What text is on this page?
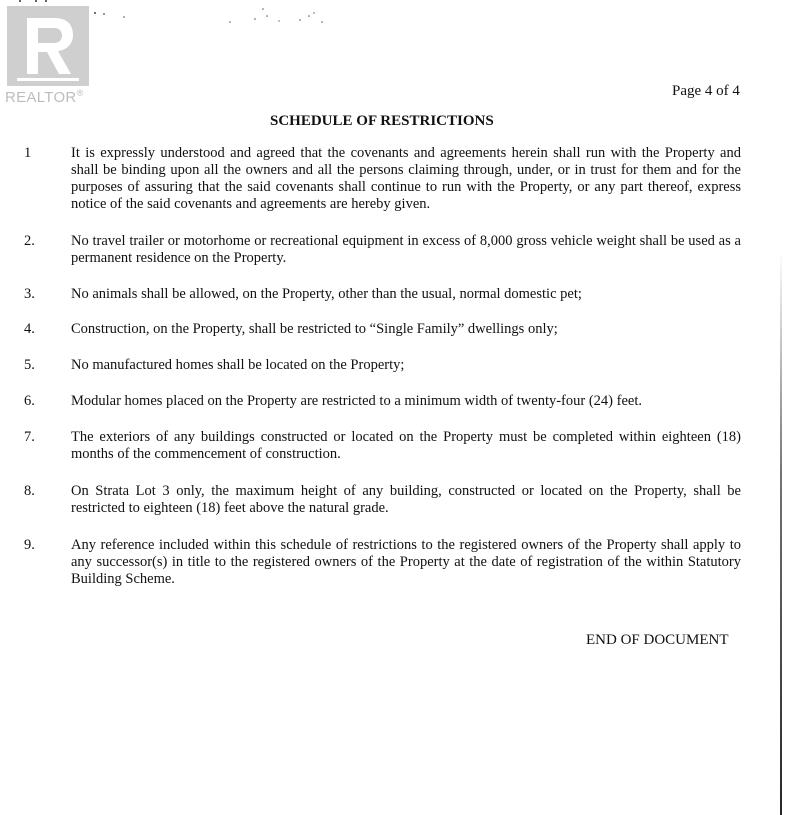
REALTOR®	Page 4 of 4
SCHEDULE OF RESTRICTIONS
1	It is expressly understood and agreed that the covenants and agreements herein shall run with the Property and shall be binding upon all the owners and all the persons claiming through, under, or in trust for them and for the purposes of assuring that the said covenants shall continue to run with the Property, or any part thereof, express notice of the said covenants and agreements are hereby given.
2. No travel trailer or motorhome or recreational equipment in excess of 8,000 gross vehicle weight shall be used as a permanent residence on the Property.
3. No animals shall be allowed, on the Property, other than the usual, normal domestic pet;
4. Construction, on the Property, shall be restricted to “Single Family” dwellings only;
5. No manufactured homes shall be located on the Property;
6. Modular homes placed on the Property are restricted to a minimum width of twenty-four (24) feet.
7. The exteriors of any buildings constructed or located on the Property must be completed within eighteen (18) months of the commencement of construction.
8. On Strata Lot 3 only, the maximum height of any building, constructed or located on the Property, shall be restricted to eighteen (18) feet above the natural grade.
9. Any reference included within this schedule of restrictions to the registered owners of the Property shall apply to any successor(s) in title to the registered owners of the Property at the date of registration of the within Statutory Building Scheme.
END OF DOCUMENT
